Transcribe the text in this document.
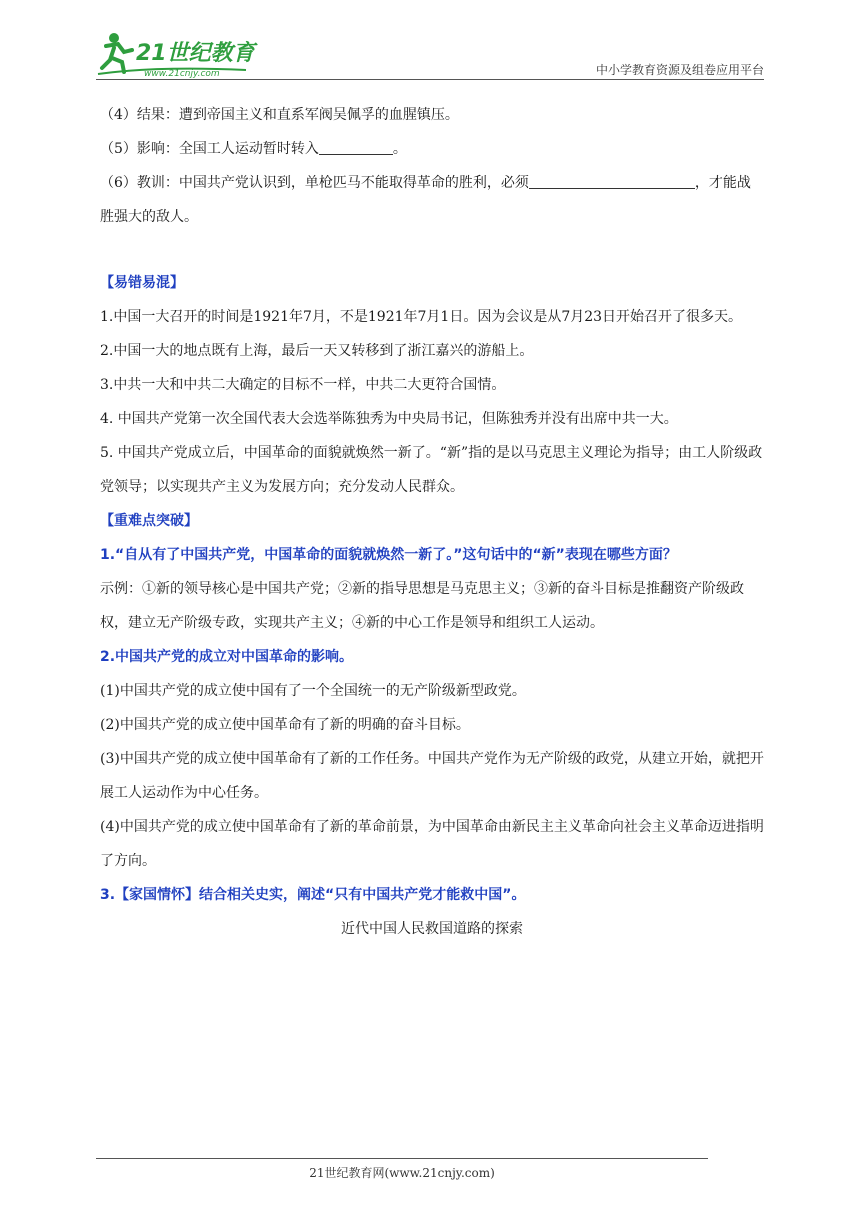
21世纪教育
www.21cnjy.com	中小学教育资源及组卷应用平台

（4）结果：遭到帝国主义和直系军阀吴佩孚的血腥镇压。

（5）影响：全国工人运动暂时转入	。

（6）教训：中国共产党认识到，单枪匹马不能取得革命的胜利，必须	，才能战胜强大的敌人。

【易错易混】

1.中国一大召开的时间是1921年7月，不是1921年7月1日。因为会议是从7月23日开始召开了很多天。

2.中国一大的地点既有上海，最后一天又转移到了浙江嘉兴的游船上。

3.中共一大和中共二大确定的目标不一样，中共二大更符合国情。

4. 中国共产党第一次全国代表大会选举陈独秀为中央局书记，但陈独秀并没有出席中共一大。

5. 中国共产党成立后，中国革命的面貌就焕然一新了。“新”指的是以马克思主义理论为指导；由工人阶级政党领导；以实现共产主义为发展方向；充分发动人民群众。

【重难点突破】

1.“自从有了中国共产党，中国革命的面貌就焕然一新了。”这句话中的“新”表现在哪些方面？

示例：①新的领导核心是中国共产党；②新的指导思想是马克思主义；③新的奋斗目标是推翻资产阶级政权，建立无产阶级专政，实现共产主义；④新的中心工作是领导和组织工人运动。

2.中国共产党的成立对中国革命的影响。

(1)中国共产党的成立使中国有了一个全国统一的无产阶级新型政党。

(2)中国共产党的成立使中国革命有了新的明确的奋斗目标。

(3)中国共产党的成立使中国革命有了新的工作任务。中国共产党作为无产阶级的政党，从建立开始，就把开展工人运动作为中心任务。

(4)中国共产党的成立使中国革命有了新的革命前景，为中国革命由新民主主义革命向社会主义革命迈进指明了方向。

3.【家国情怀】结合相关史实，阐述“只有中国共产党才能救中国”。

近代中国人民救国道路的探索

21世纪教育网(www.21cnjy.com)
